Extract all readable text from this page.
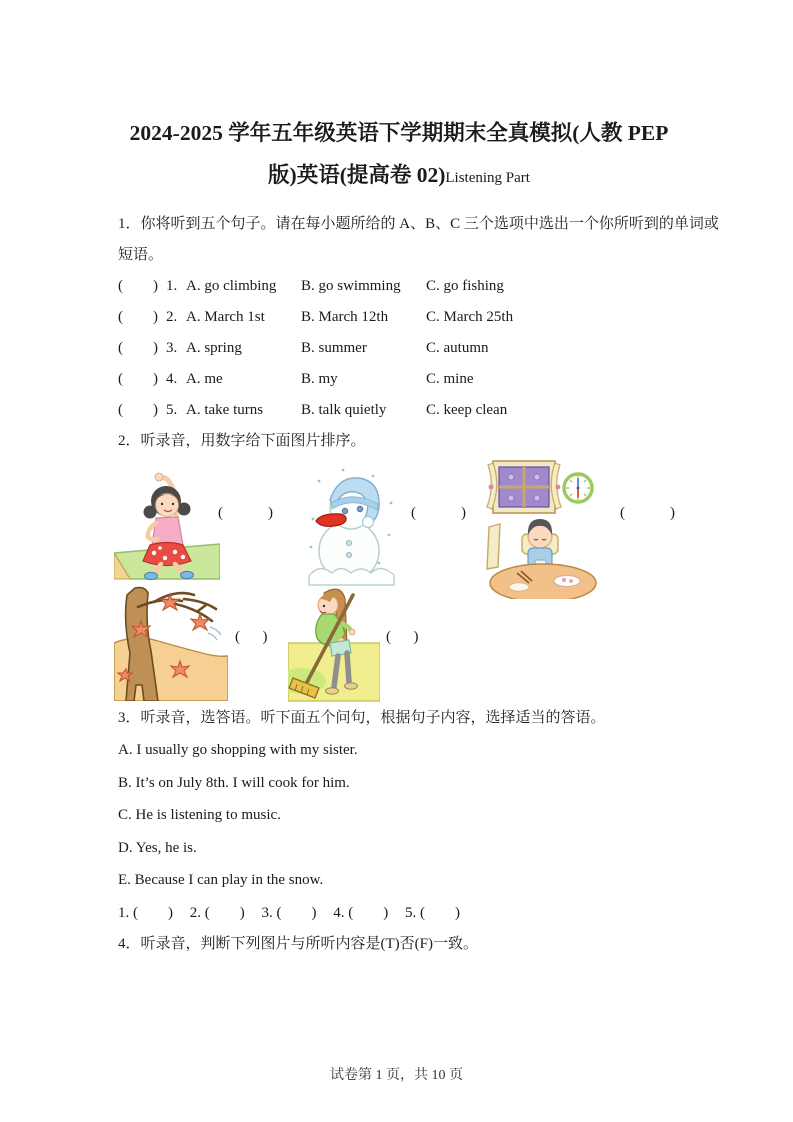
2024-2025 学年五年级英语下学期期末全真模拟(人教 PEP
版)英语(提高卷 02)Listening Part

1．你将听到五个句子。请在每小题所给的 A、B、C 三个选项中选出一个你所听到的单词或

短语。

(        ) 1. A. go climbing	B. go swimming	C. go fishing
(        ) 2. A. March 1st	B. March 12th	C. March 25th
(        ) 3. A. spring	B. summer	C. autumn
(        ) 4. A. me	B. my	C. mine
(        ) 5. A. take turns	B. talk quietly	C. keep clean

2．听录音，用数字给下面图片排序。

(            )	(            )	(            )
(      )	(      )

3．听录音，选答语。听下面五个问句，根据句子内容，选择适当的答语。

A. I usually go shopping with my sister.

B. It’s on July 8th. I will cook for him.

C. He is listening to music.

D. Yes, he is.

E. Because I can play in the snow.

1. (        ) 2. (        ) 3. (        ) 4. (        ) 5. (        )

4．听录音，判断下列图片与所听内容是(T)否(F)一致。

试卷第 1 页，共 10 页
